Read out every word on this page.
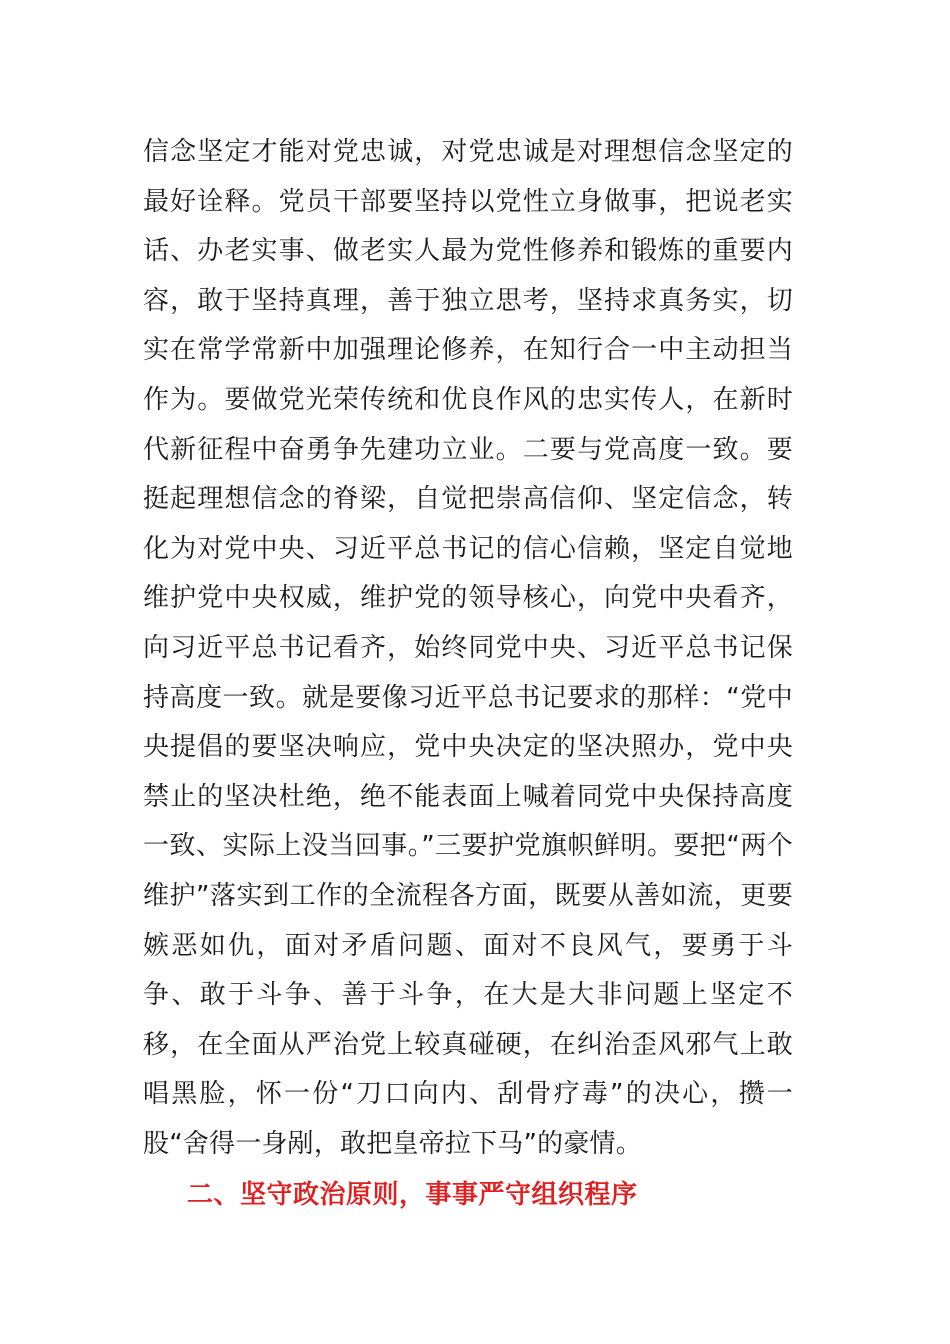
信念坚定才能对党忠诚，对党忠诚是对理想信念坚定的最好诠释。党员干部要坚持以党性立身做事，把说老实话、办老实事、做老实人最为党性修养和锻炼的重要内容，敢于坚持真理，善于独立思考，坚持求真务实，切实在常学常新中加强理论修养，在知行合一中主动担当作为。要做党光荣传统和优良作风的忠实传人，在新时代新征程中奋勇争先建功立业。二要与党高度一致。要挺起理想信念的脊梁，自觉把崇高信仰、坚定信念，转化为对党中央、习近平总书记的信心信赖，坚定自觉地维护党中央权威，维护党的领导核心，向党中央看齐，向习近平总书记看齐，始终同党中央、习近平总书记保持高度一致。就是要像习近平总书记要求的那样：“党中央提倡的要坚决响应，党中央决定的坚决照办，党中央禁止的坚决杜绝，绝不能表面上喊着同党中央保持高度一致、实际上没当回事。”三要护党旗帜鲜明。要把“两个维护”落实到工作的全流程各方面，既要从善如流，更要嫉恶如仇，面对矛盾问题、面对不良风气，要勇于斗争、敢于斗争、善于斗争，在大是大非问题上坚定不移，在全面从严治党上较真碰硬，在纠治歪风邪气上敢唱黑脸，怀一份“刀口向内、刮骨疗毒”的决心，攒一股“舍得一身剐，敢把皇帝拉下马”的豪情。

二、坚守政治原则，事事严守组织程序
